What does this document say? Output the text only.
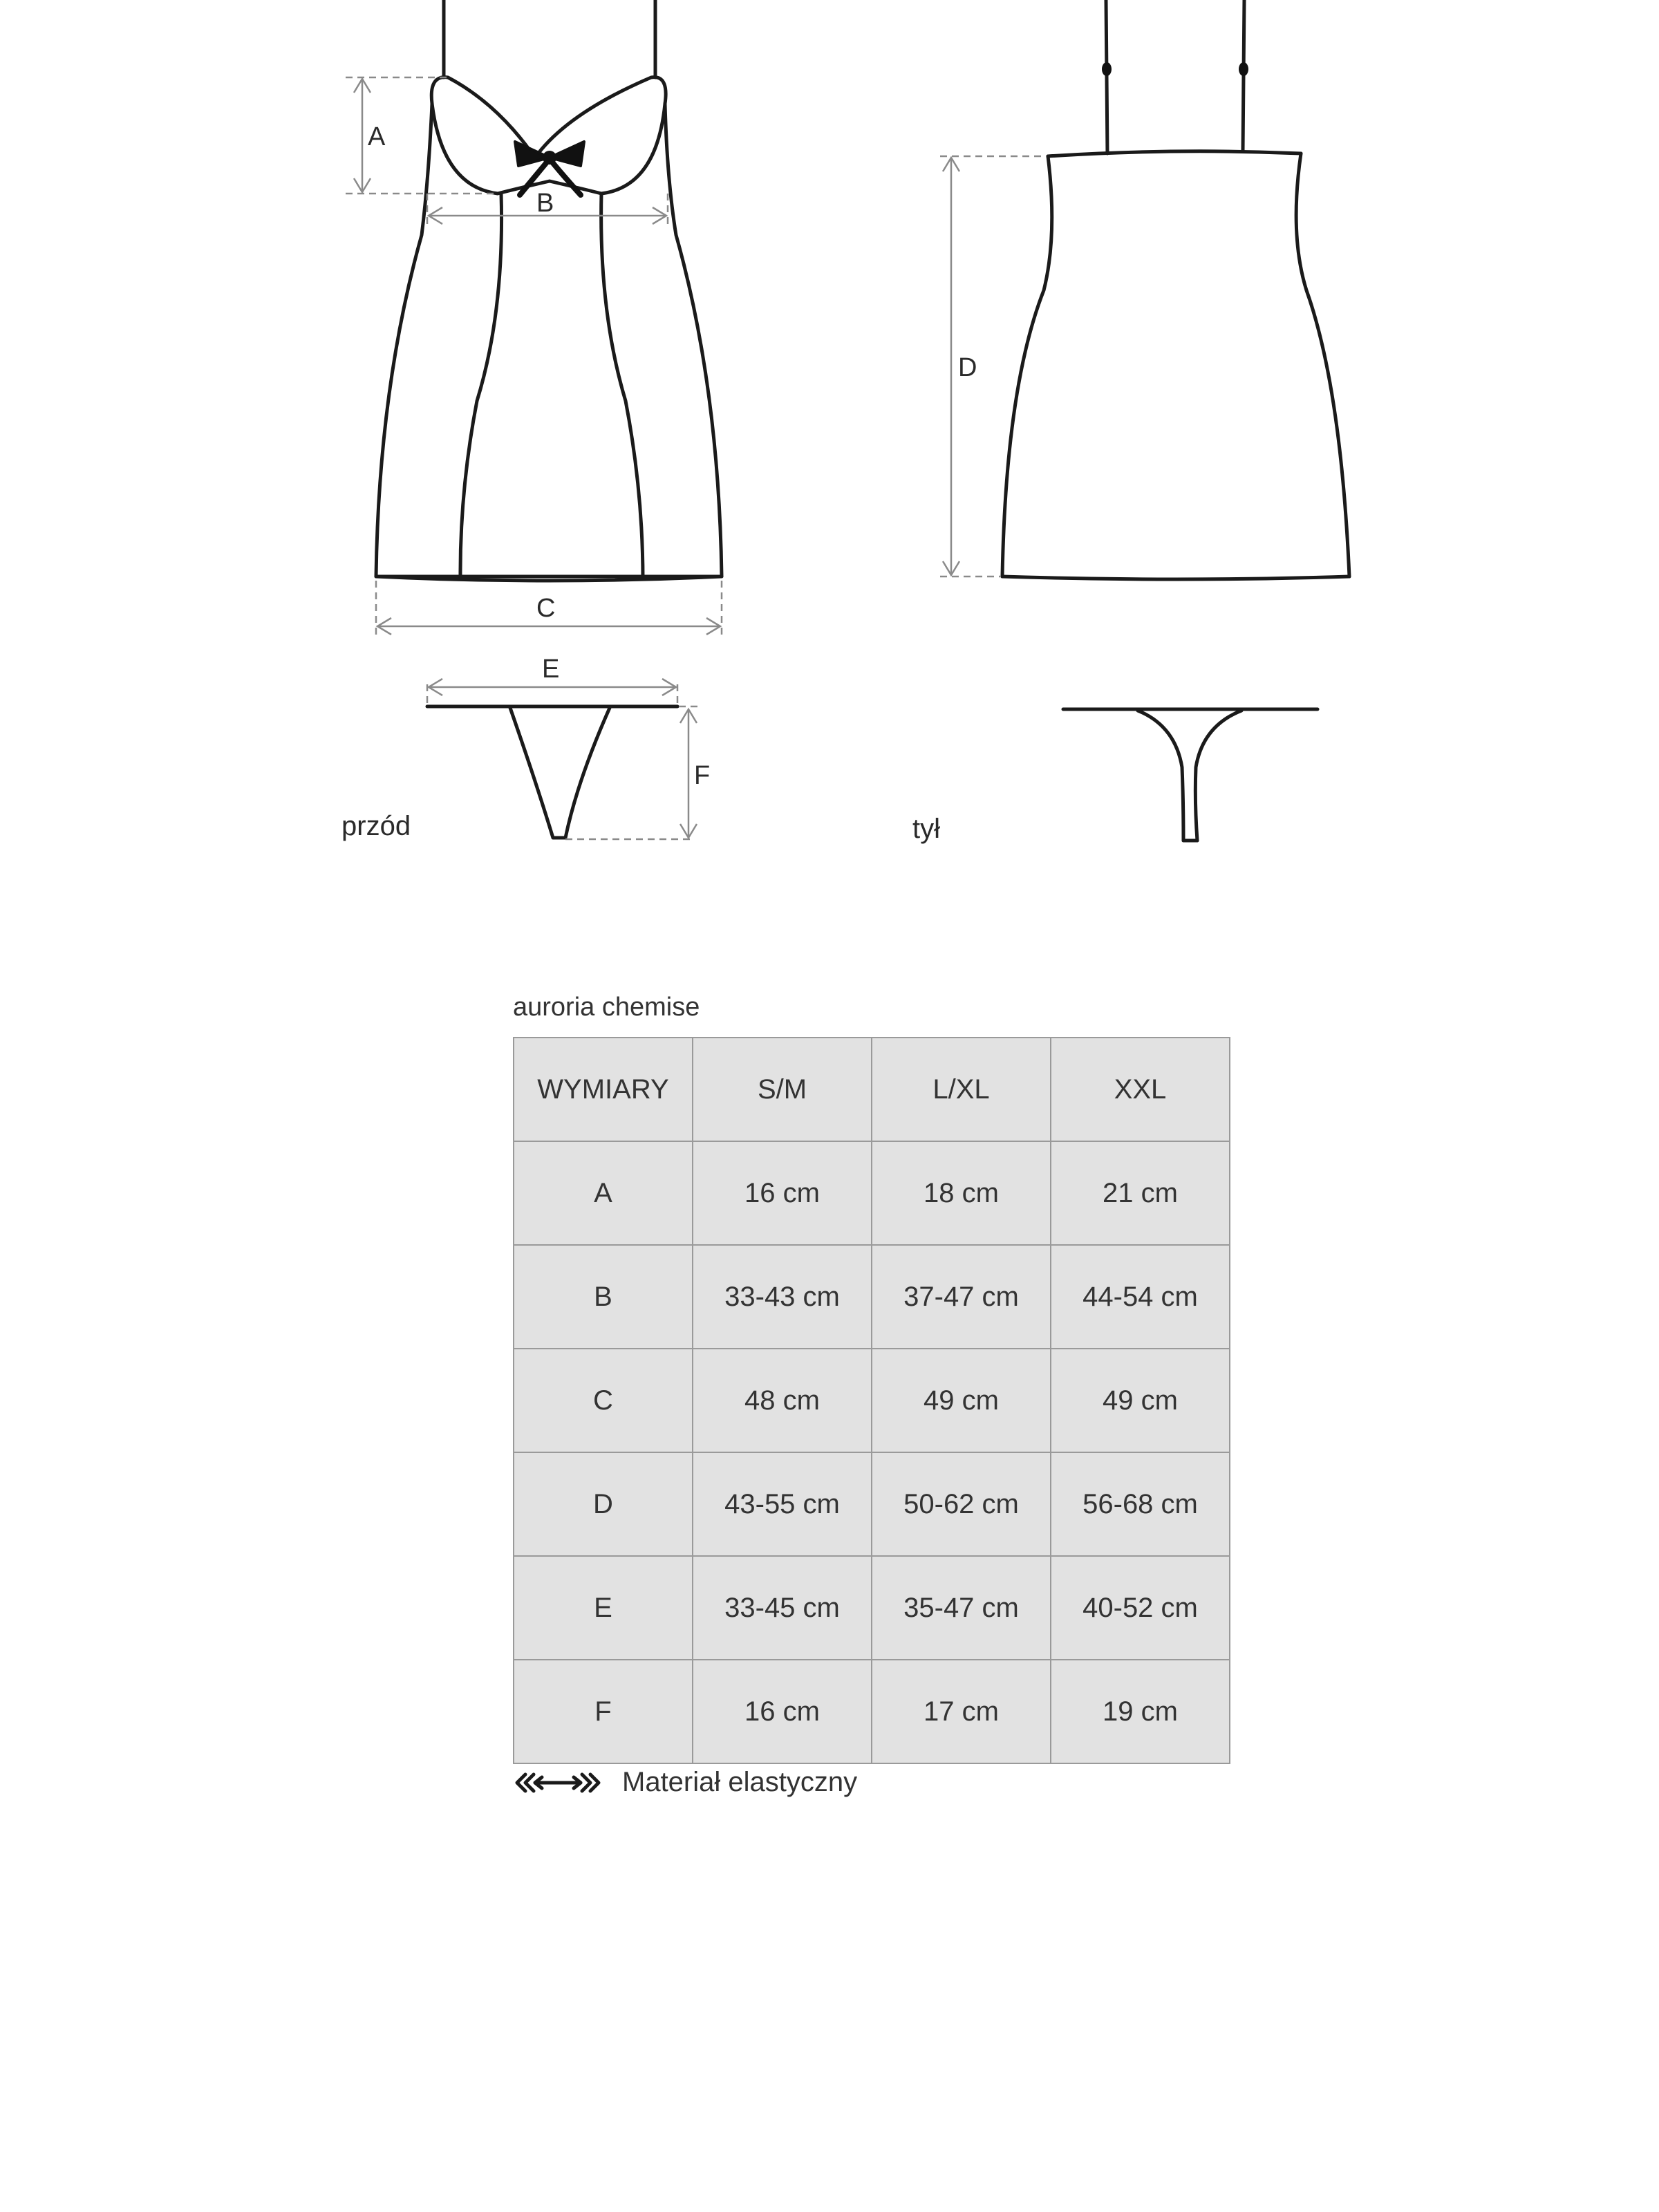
A
B
C
E
F
przód
D
tył
auroria chemise
WYMIARY	S/M	L/XL	XXL
A	16 cm	18 cm	21 cm
B	33-43 cm	37-47 cm	44-54 cm
C	48 cm	49 cm	49 cm
D	43-55 cm	50-62 cm	56-68 cm
E	33-45 cm	35-47 cm	40-52 cm
F	16 cm	17 cm	19 cm
Materiał elastyczny
